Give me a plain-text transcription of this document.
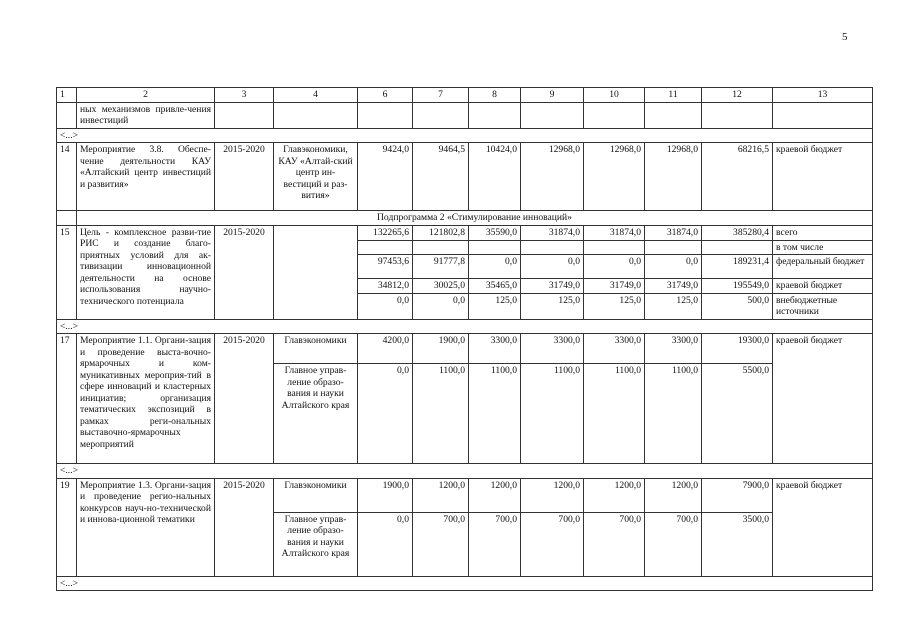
5
1	2	3	4	6	7	8	9	10	11	12	13
	ных механизмов привле-чения инвестиций										
<...>											
14	Мероприятие 3.8. Обеспе-чение деятельности КАУ «Алтайский центр инвестиций и развития»	2015-2020	Главэкономики, КАУ «Алтай-ский центр ин-вестиций и раз-вития»	9424,0	9464,5	10424,0	12968,0	12968,0	12968,0	68216,5	краевой бюджет
	Подпрограмма 2 «Стимулирование инноваций»										
15	Цель - комплексное разви-тие РИС и создание благо-приятных условий для ак-тивизации инновационной деятельности на основе использования научно-технического потенциала	2015-2020		132265,6	121802,8	35590,0	31874,0	31874,0	31874,0	385280,4	всего
											в том числе
				97453,6	91777,8	0,0	0,0	0,0	0,0	189231,4	федеральный бюджет
				34812,0	30025,0	35465,0	31749,0	31749,0	31749,0	195549,0	краевой бюджет
				0,0	0,0	125,0	125,0	125,0	125,0	500,0	внебюджетные источники
<...>											
17	Мероприятие 1.1. Органи-зация и проведение выста-вочно-ярмарочных и ком-муникативных мероприя-тий в сфере инноваций и кластерных инициатив; организация тематических экспозиций в рамках реги-ональных выставочно-ярмарочных мероприятий	2015-2020	Главэкономики	4200,0	1900,0	3300,0	3300,0	3300,0	3300,0	19300,0	краевой бюджет
			Главное управ-ление образо-вания и науки Алтайского края	0,0	1100,0	1100,0	1100,0	1100,0	1100,0	5500,0	
<...>											
19	Мероприятие 1.3. Органи-зация и проведение регио-нальных конкурсов науч-но-технической и иннова-ционной тематики	2015-2020	Главэкономики	1900,0	1200,0	1200,0	1200,0	1200,0	1200,0	7900,0	краевой бюджет
			Главное управ-ление образо-вания и науки Алтайского края	0,0	700,0	700,0	700,0	700,0	700,0	3500,0	
<...>											
